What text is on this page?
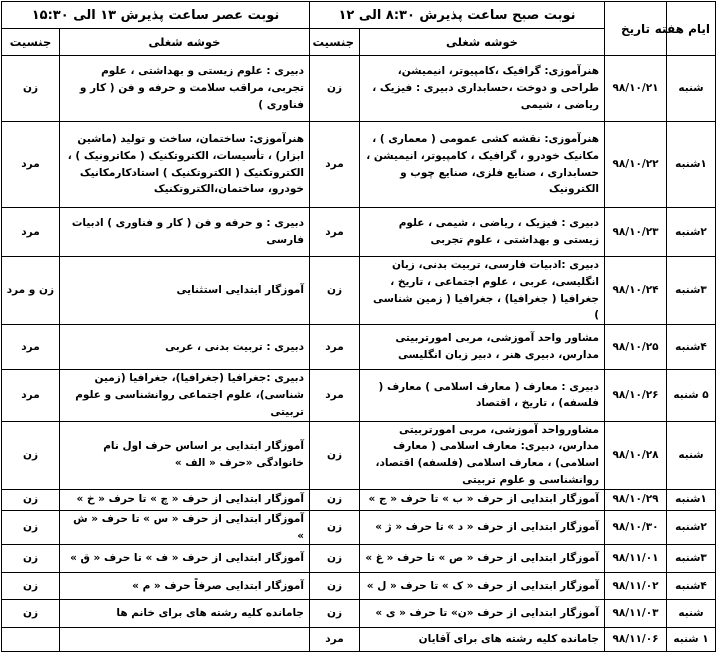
ایام هفته	تاریخ	نوبت صبح ساعت پذیرش ۸:۳۰ الی ۱۲		نوبت عصر ساعت پذیرش ۱۳ الی ۱۵:۳۰	
		خوشه شغلی	جنسیت	خوشه شغلی	جنسیت
شنبه	۹۸/۱۰/۲۱	هنرآموزی: گرافیک ،کامپیوتر، انیمیشن، طراحی و دوخت ،حسابداری دبیری : فیزیک ، ریاضی ، شیمی	زن	دبیری : علوم زیستی و بهداشتی ، علوم تجربی، مراقب سلامت و حرفه و فن ( کار و فناوری )	زن
۱شنبه	۹۸/۱۰/۲۲	هنرآموزی: نقشه کشی عمومی ( معماری ) ، مکانیک خودرو ، گرافیک ، کامپیوتر، انیمیشن ، حسابداری ، صنایع فلزی، صنایع چوب و الکترونیک	مرد	هنرآموزی: ساختمان، ساخت و تولید (ماشین ابزار) ، تأسیسات، الکتروتکنیک ( مکاترونیک ) ، الکتروتکنیک ( الکتروتکنیک ) استادکارمکانیک خودرو، ساختمان،الکتروتکنیک	مرد
۲شنبه	۹۸/۱۰/۲۳	دبیری : فیزیک ، ریاضی ، شیمی ، علوم زیستی و بهداشتی ، علوم تجربی	مرد	دبیری : و حرفه و فن ( کار و فناوری ) ادبیات فارسی	مرد
۳شنبه	۹۸/۱۰/۲۴	دبیری :ادبیات فارسی، تربیت بدنی، زبان انگلیسی، عربی ، علوم اجتماعی ، تاریخ ، جغرافیا ( جغرافیا) ، جغرافیا ( زمین شناسی )	زن	آموزگار ابتدایی استثنایی	زن و مرد
۴شنبه	۹۸/۱۰/۲۵	مشاور واحد آموزشی، مربی امورتربیتی مدارس، دبیری هنر ، دبیر زبان انگلیسی	مرد	دبیری : تربیت بدنی ، عربی	مرد
۵ شنبه	۹۸/۱۰/۲۶	دبیری : معارف ( معارف اسلامی ) معارف ( فلسفه) ، تاریخ ، اقتصاد	مرد	دبیری :جغرافیا (جغرافیا)، جغرافیا (زمین شناسی)، علوم اجتماعی روانشناسی و علوم تربیتی	مرد
شنبه	۹۸/۱۰/۲۸	مشاورواحد آموزشی، مربی امورتربیتی مدارس، دبیری: معارف اسلامی ( معارف اسلامی) ، معارف اسلامی (فلسفه) اقتصاد، روانشناسی و علوم تربیتی	زن	آموزگار ابتدایی بر اساس حرف اول نام خانوادگی «حرف « الف »	زن
۱شنبه	۹۸/۱۰/۲۹	آموزگار ابتدایی از حرف « ب » تا حرف « ج »	زن	آموزگار ابتدایی از حرف « چ » تا حرف « خ »	زن
۲شنبه	۹۸/۱۰/۳۰	آموزگار ابتدایی از حرف « د » تا حرف « ژ »	زن	آموزگار ابتدایی از حرف « س » تا حرف « ش »	زن
۳شنبه	۹۸/۱۱/۰۱	آموزگار ابتدایی از حرف « ص » تا حرف « غ »	زن	آموزگار ابتدایی از حرف « ف » تا حرف « ق »	زن
۴شنبه	۹۸/۱۱/۰۲	آموزگار ابتدایی از حرف « ک » تا حرف « ل »	زن	آموزگار ابتدایی صرفاً حرف « م »	زن
شنبه	۹۸/۱۱/۰۳	آموزگار ابتدایی از حرف «ن» تا حرف « ی »	زن	جامانده کلیه رشته های برای خانم ها	زن
۱ شنبه	۹۸/۱۱/۰۶	جامانده کلیه رشته های برای آقایان	مرد		
